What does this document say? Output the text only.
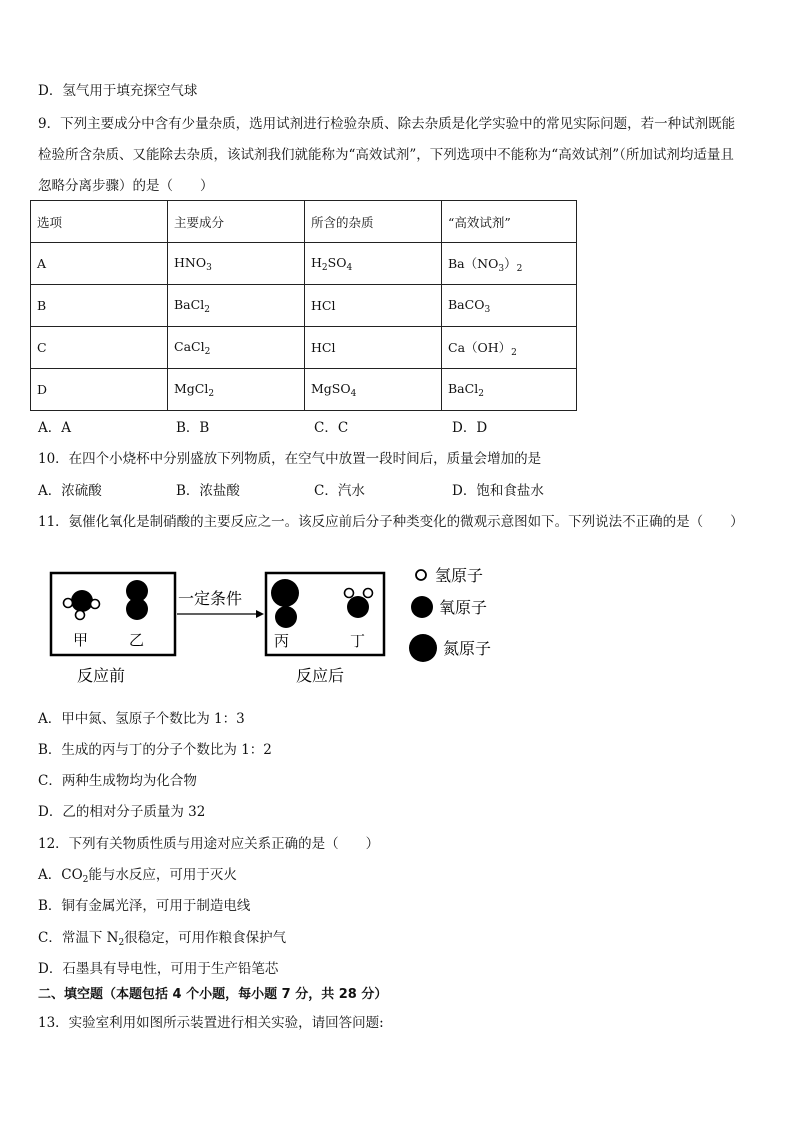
D．氢气用于填充探空气球
9．下列主要成分中含有少量杂质，选用试剂进行检验杂质、除去杂质是化学实验中的常见实际问题，若一种试剂既能
检验所含杂质、又能除去杂质，该试剂我们就能称为“高效试剂”，下列选项中不能称为“高效试剂”（所加试剂均适量且
忽略分离步骤）的是（　　）
选项	主要成分	所含的杂质	“高效试剂”
A	$HNO_3$	$H_2SO_4$	$Ba(NO_3)_2$
B	BaCl$_2$	HCl	BaCO$_3$
C	CaCl$_2$	HCl	$Ca(OH)_2$
D	MgCl$_2$	MgSO$_4$	BaCl$_2$
A．A	B．B	C．C	D．D
10．在四个小烧杯中分别盛放下列物质，在空气中放置一段时间后，质量会增加的是
A．浓硫酸	B．浓盐酸	C．汽水	D．饱和食盐水
11．氨催化氧化是制硝酸的主要反应之一。该反应前后分子种类变化的微观示意图如下。下列说法不正确的是（　　）
甲	乙
一定条件
丙	丁
反应前	反应后
氢原子
氧原子
氮原子
A．甲中氮、氢原子个数比为 1：3
B．生成的丙与丁的分子个数比为 1：2
C．两种生成物均为化合物
D．乙的相对分子质量为 32
12．下列有关物质性质与用途对应关系正确的是（　　）
A．$CO_2$能与水反应，可用于灭火
B．铜有金属光泽，可用于制造电线
C．常温下 $N_2$很稳定，可用作粮食保护气
D．石墨具有导电性，可用于生产铅笔芯
二、填空题（本题包括 4 个小题，每小题 7 分，共 28 分）
13．实验室利用如图所示装置进行相关实验，请回答问题:
